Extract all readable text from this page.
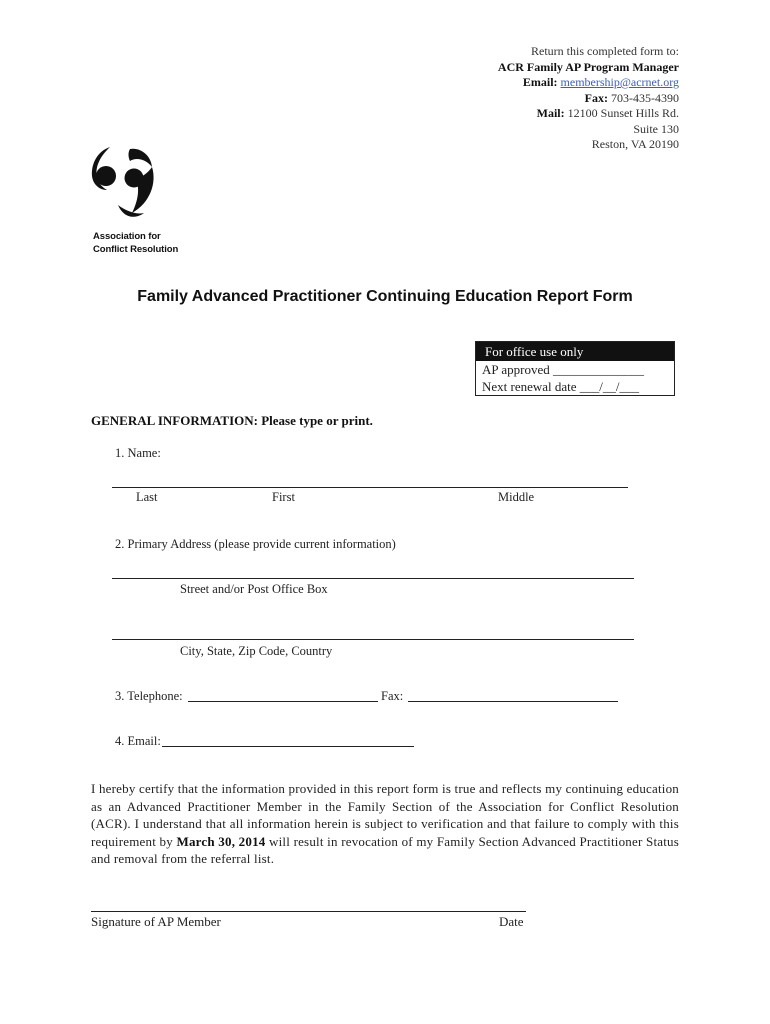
Return this completed form to:
ACR Family AP Program Manager
Email: membership@acrnet.org
Fax: 703-435-4390
Mail: 12100 Sunset Hills Rd.
Suite 130
Reston, VA 20190
Association for
Conflict Resolution
Family Advanced Practitioner Continuing Education Report Form
For office use only
AP approved ______________
Next renewal date ___/__/___
GENERAL INFORMATION: Please type or print.
1. Name:
Last	First	Middle
2. Primary Address (please provide current information)
Street and/or Post Office Box
City, State, Zip Code, Country
3. Telephone:	Fax:
4. Email:
I hereby certify that the information provided in this report form is true and reflects my continuing education as an Advanced Practitioner Member in the Family Section of the Association for Conflict Resolution (ACR). I understand that all information herein is subject to verification and that failure to comply with this requirement by March 30, 2014 will result in revocation of my Family Section Advanced Practitioner Status and removal from the referral list.
Signature of AP Member	Date
